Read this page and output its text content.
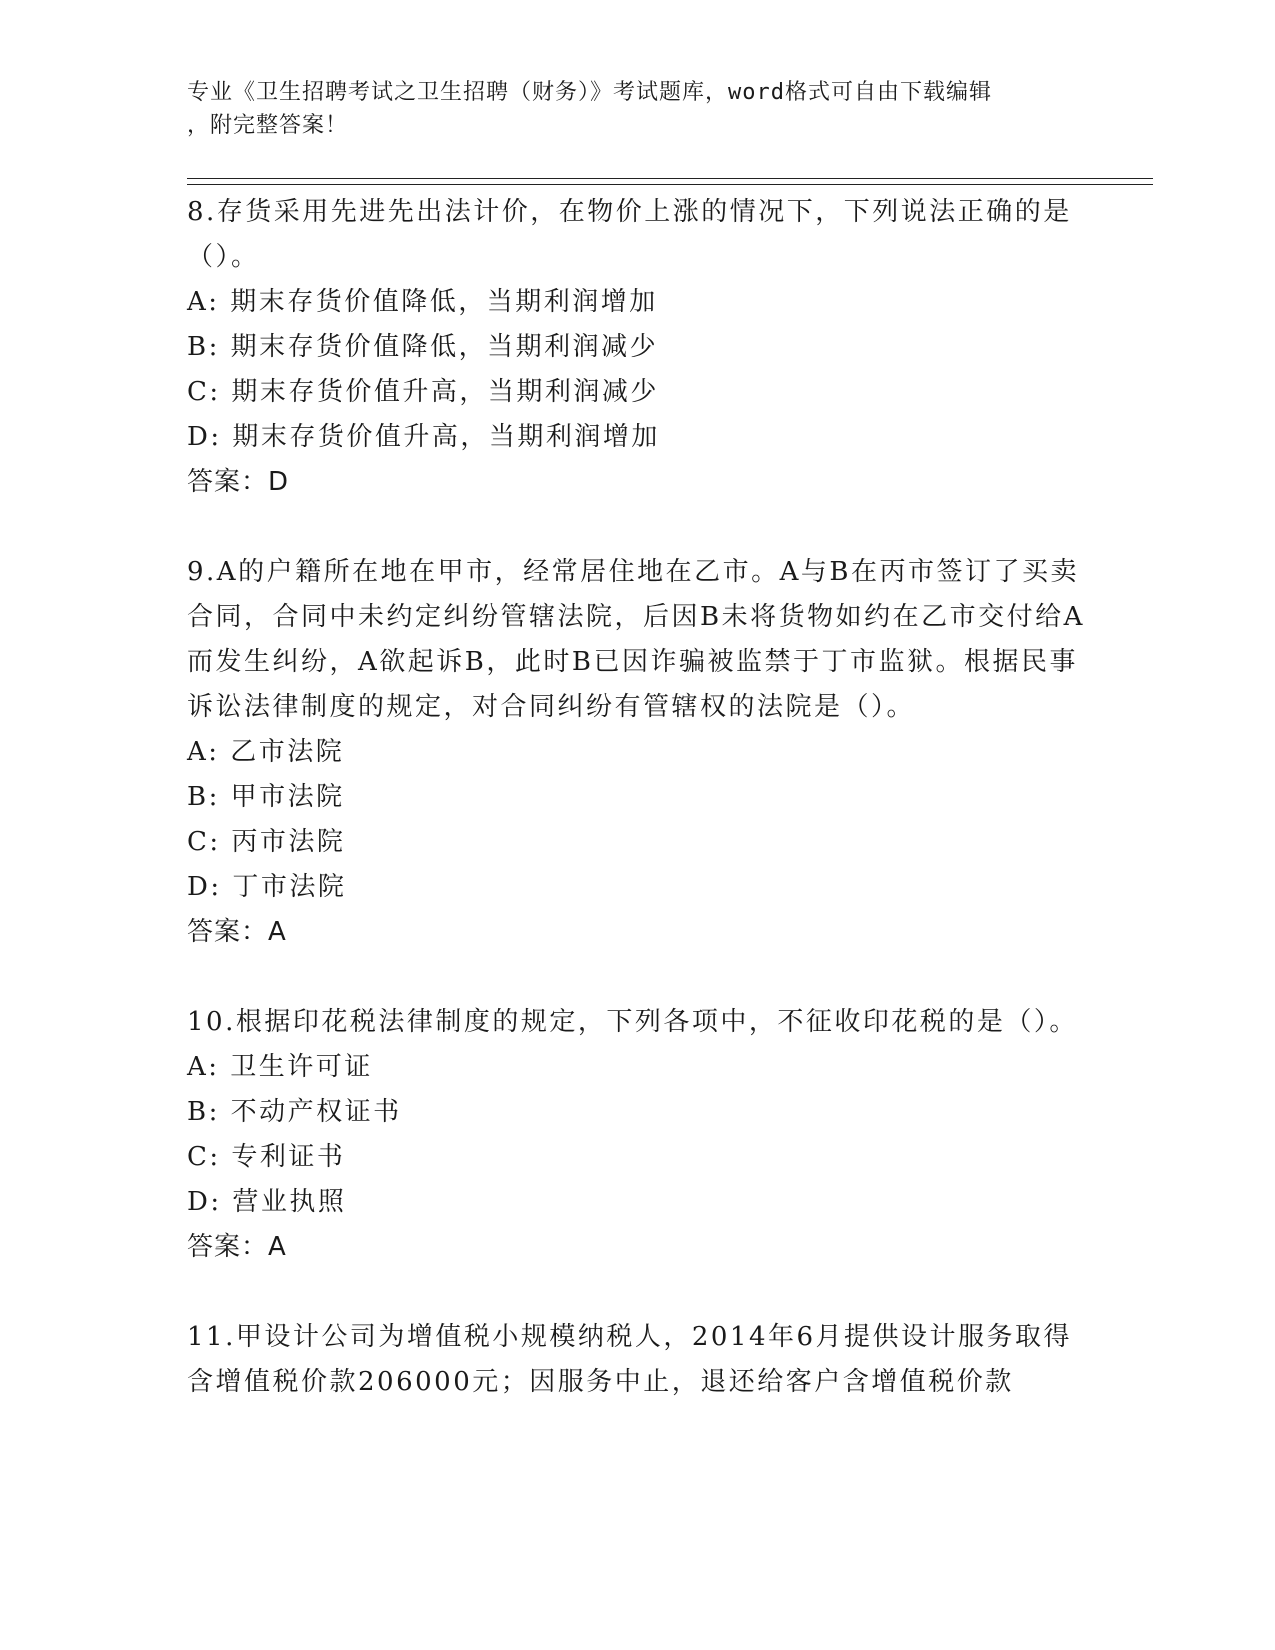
专业《卫生招聘考试之卫生招聘（财务）》考试题库，word格式可自由下载编辑
，附完整答案！

8.存货采用先进先出法计价，在物价上涨的情况下，下列说法正确的是（）。

A: 期末存货价值降低，当期利润增加

B: 期末存货价值降低，当期利润减少

C: 期末存货价值升高，当期利润减少

D: 期末存货价值升高，当期利润增加

答案：D

9.A的户籍所在地在甲市，经常居住地在乙市。A与B在丙市签订了买卖合同，合同中未约定纠纷管辖法院，后因B未将货物如约在乙市交付给A而发生纠纷，A欲起诉B，此时B已因诈骗被监禁于丁市监狱。根据民事诉讼法律制度的规定，对合同纠纷有管辖权的法院是（）。

A: 乙市法院

B: 甲市法院

C: 丙市法院

D: 丁市法院

答案：A

10.根据印花税法律制度的规定，下列各项中，不征收印花税的是（）。

A: 卫生许可证

B: 不动产权证书

C: 专利证书

D: 营业执照

答案：A

11.甲设计公司为增值税小规模纳税人，2014年6月提供设计服务取得含增值税价款206000元；因服务中止，退还给客户含增值税价款
